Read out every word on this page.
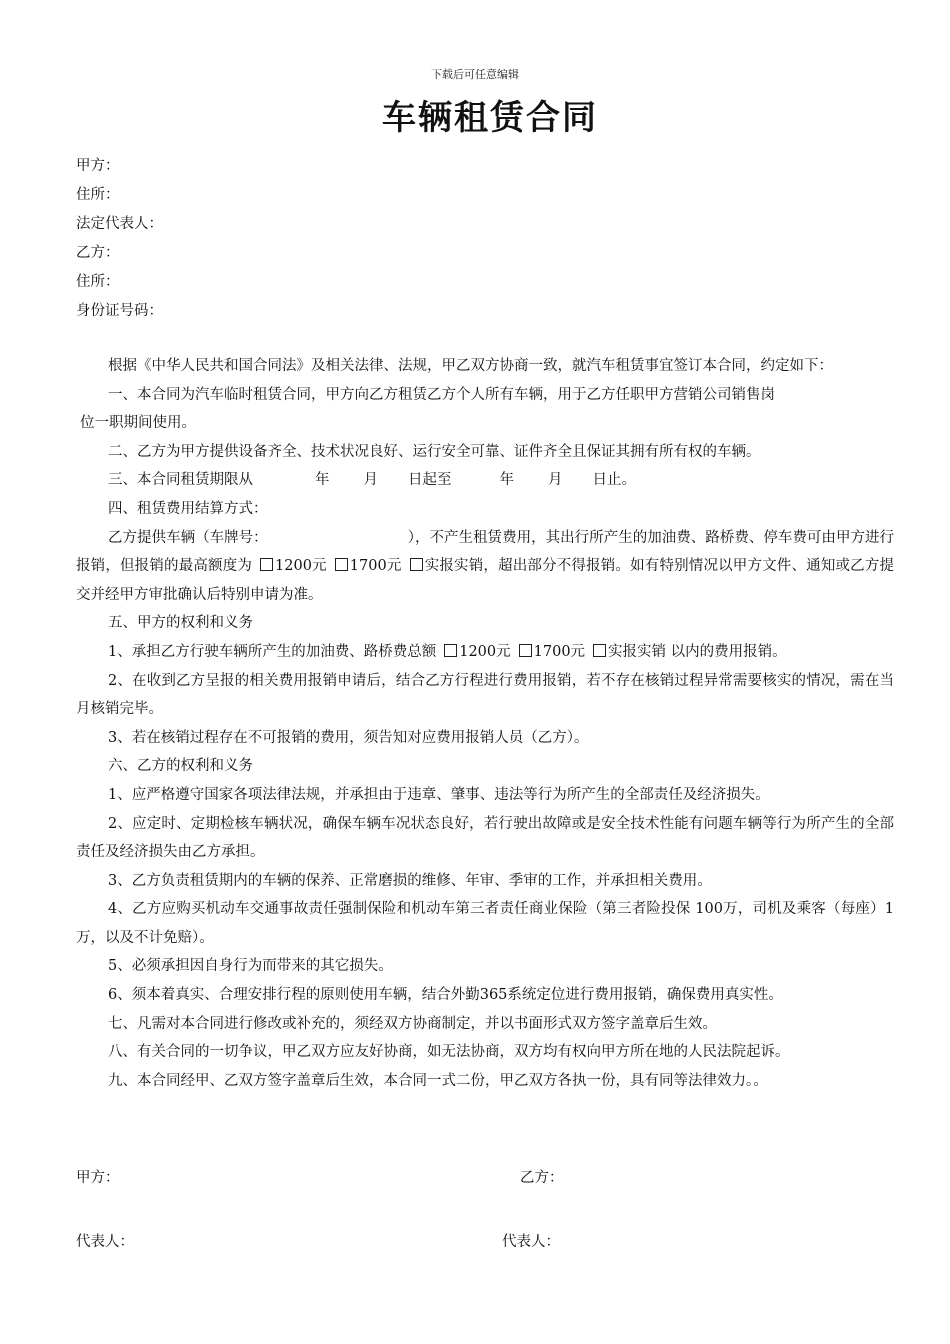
下载后可任意编辑
车辆租赁合同
甲方：
住所：
法定代表人：
乙方：
住所：
身份证号码：

根据《中华人民共和国合同法》及相关法律、法规，甲乙双方协商一致，就汽车租赁事宜签订本合同，约定如下：

一、本合同为汽车临时租赁合同，甲方向乙方租赁乙方个人所有车辆，用于乙方任职甲方营销公司销售岗

位一职期间使用。

二、乙方为甲方提供设备齐全、技术状况良好、运行安全可靠、证件齐全且保证其拥有所有权的车辆。

三、本合同租赁期限从	年 月 日起至	年 月 日止。

四、租赁费用结算方式：

乙方提供车辆（车牌号：	），不产生租赁费用，其出行所产生的加油费、路桥费、停车费可由甲方进行报销，但报销的最高额度为 1200元 1700元 实报实销，超出部分不得报销。如有特别情况以甲方文件、通知或乙方提交并经甲方审批确认后特别申请为准。

五、甲方的权利和义务

1、承担乙方行驶车辆所产生的加油费、路桥费总额 1200元 1700元 实报实销 以内的费用报销。

2、在收到乙方呈报的相关费用报销申请后，结合乙方行程进行费用报销，若不存在核销过程异常需要核实的情况，需在当月核销完毕。

3、若在核销过程存在不可报销的费用，须告知对应费用报销人员（乙方）。

六、乙方的权利和义务

1、应严格遵守国家各项法律法规，并承担由于违章、肇事、违法等行为所产生的全部责任及经济损失。

2、应定时、定期检核车辆状况，确保车辆车况状态良好，若行驶出故障或是安全技术性能有问题车辆等行为所产生的全部责任及经济损失由乙方承担。

3、乙方负责租赁期内的车辆的保养、正常磨损的维修、年审、季审的工作，并承担相关费用。

4、乙方应购买机动车交通事故责任强制保险和机动车第三者责任商业保险（第三者险投保 100万，司机及乘客（每座）1万，以及不计免赔）。

5、必须承担因自身行为而带来的其它损失。

6、须本着真实、合理安排行程的原则使用车辆，结合外勤365系统定位进行费用报销，确保费用真实性。

七、凡需对本合同进行修改或补充的，须经双方协商制定，并以书面形式双方签字盖章后生效。

八、有关合同的一切争议，甲乙双方应友好协商，如无法协商，双方均有权向甲方所在地的人民法院起诉。

九、本合同经甲、乙双方签字盖章后生效，本合同一式二份，甲乙双方各执一份，具有同等法律效力。。

甲方：	乙方：
代表人：	代表人：
